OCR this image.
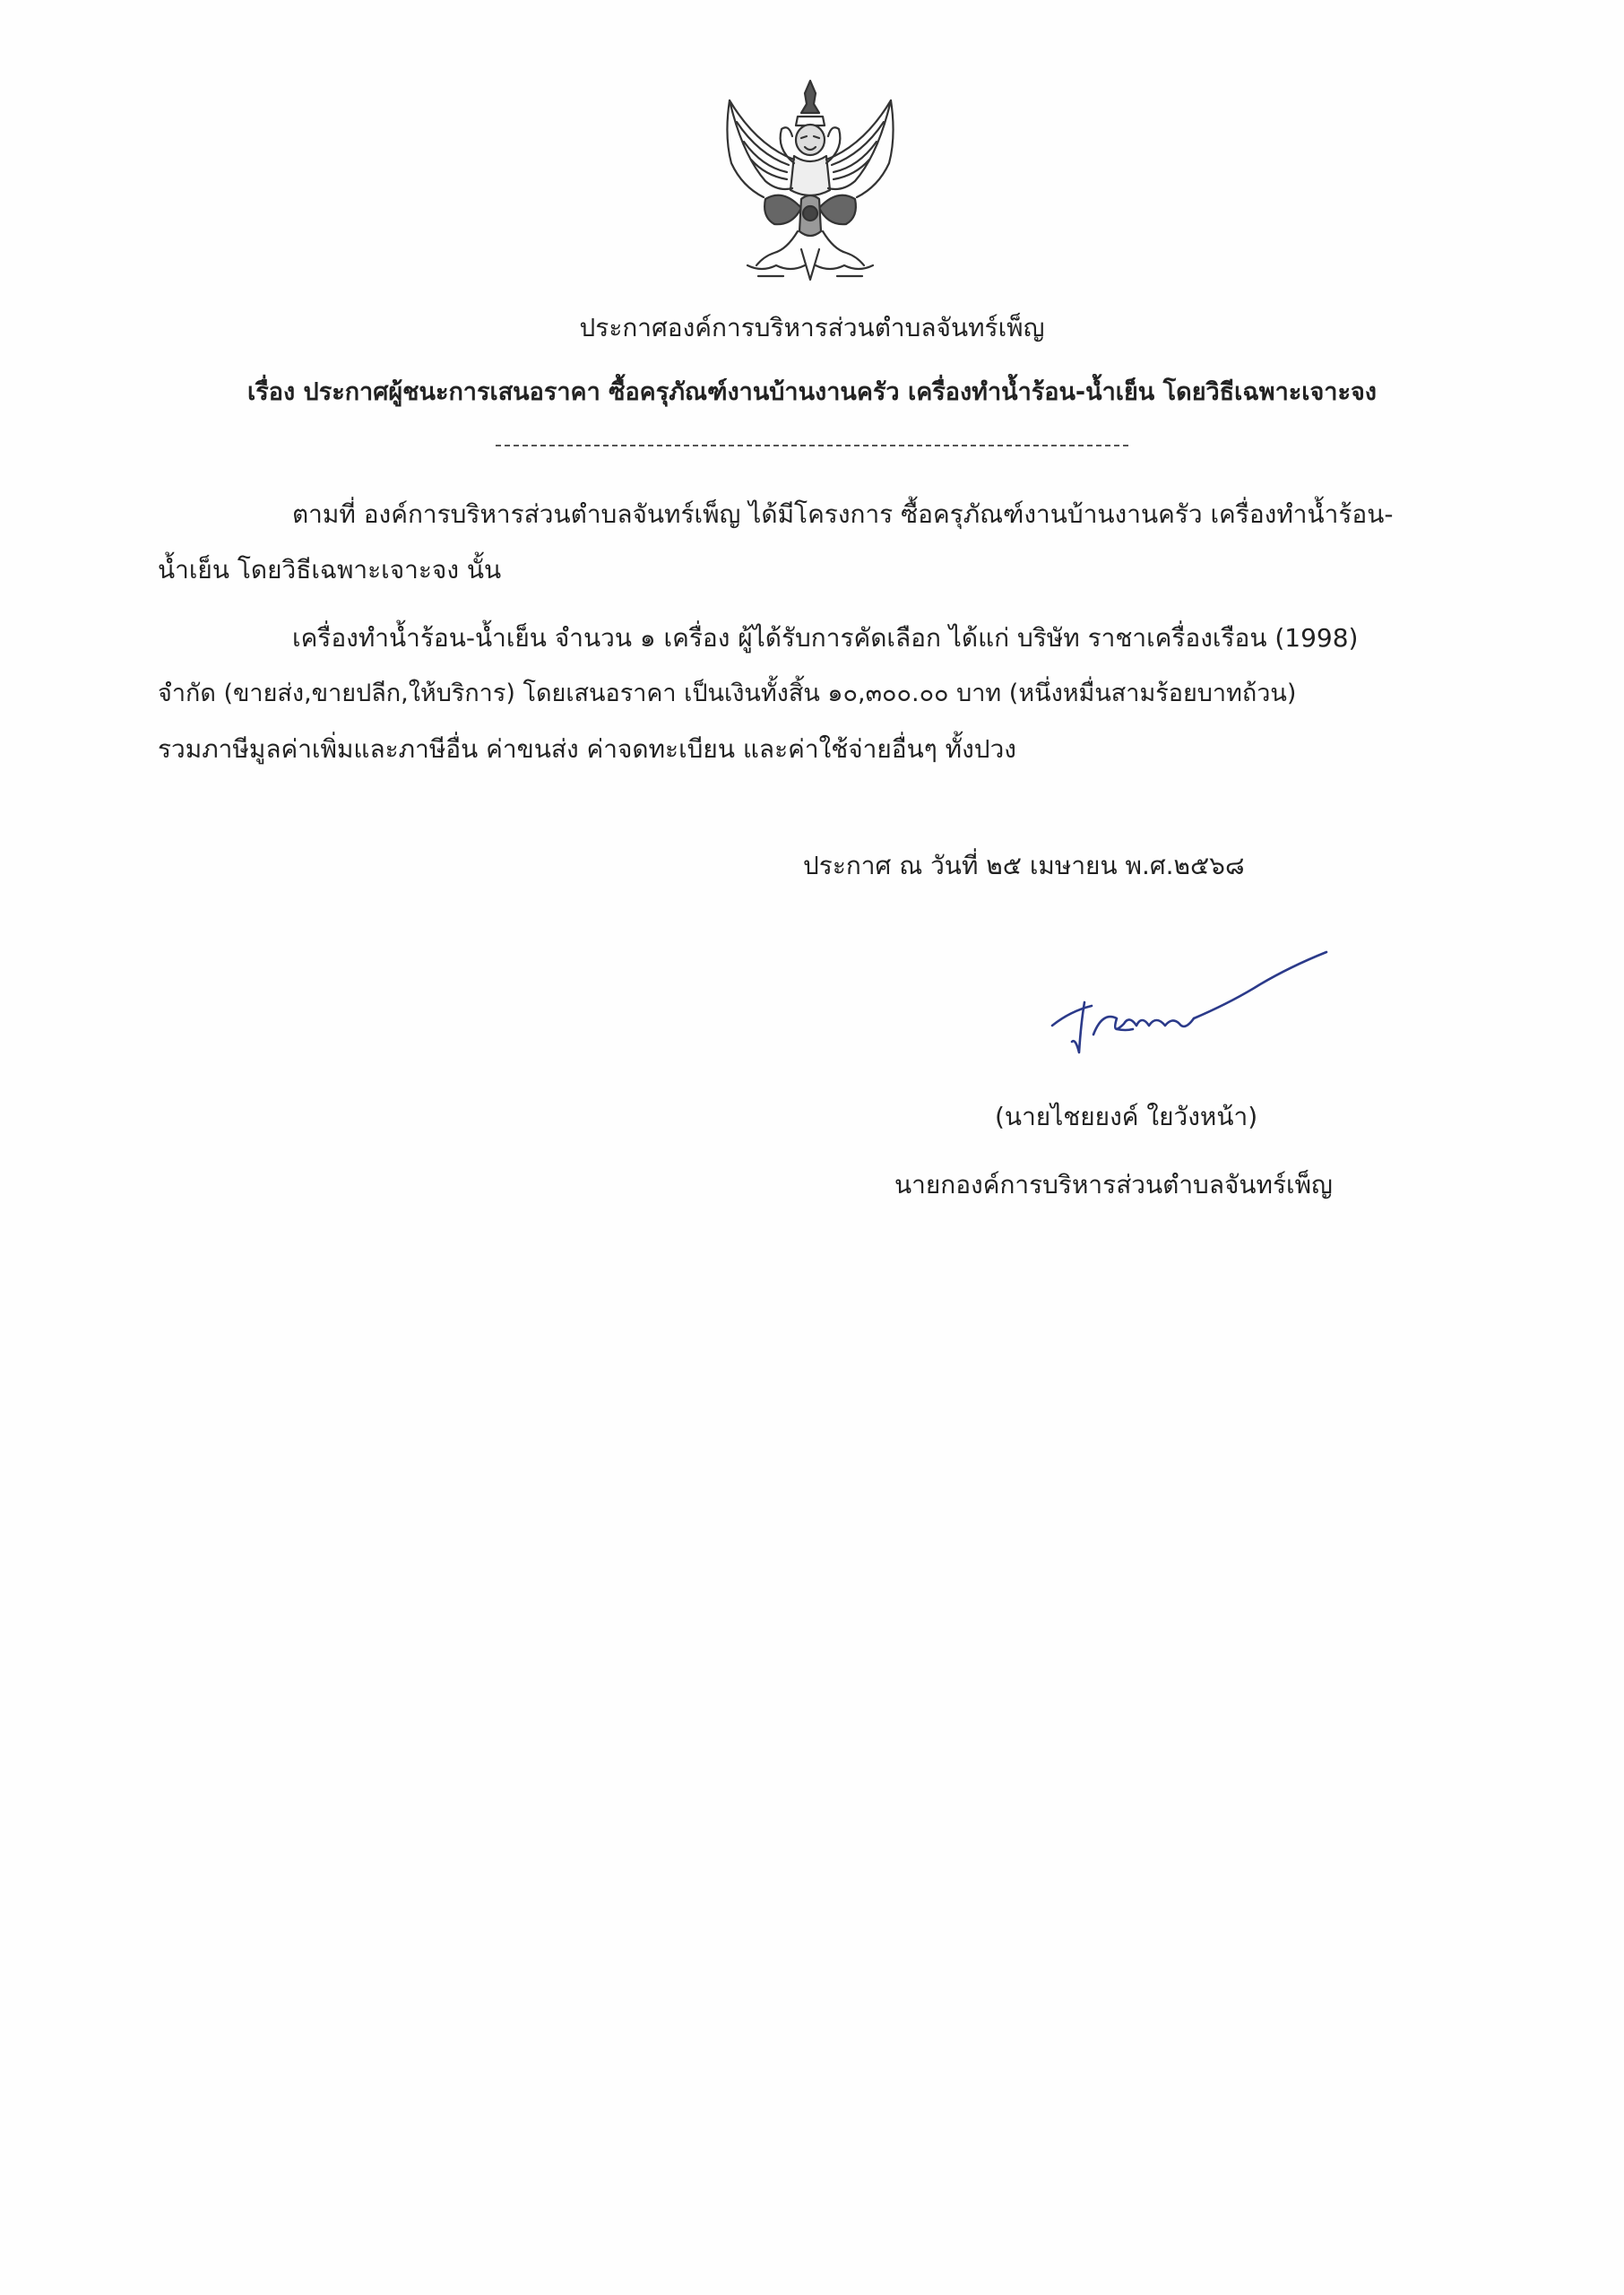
ประกาศองค์การบริหารส่วนตำบลจันทร์เพ็ญ
เรื่อง ประกาศผู้ชนะการเสนอราคา ซื้อครุภัณฑ์งานบ้านงานครัว เครื่องทำน้ำร้อน-น้ำเย็น โดยวิธีเฉพาะเจาะจง
ตามที่ องค์การบริหารส่วนตำบลจันทร์เพ็ญ ได้มีโครงการ ซื้อครุภัณฑ์งานบ้านงานครัว เครื่องทำน้ำร้อน-
น้ำเย็น โดยวิธีเฉพาะเจาะจง นั้น
เครื่องทำน้ำร้อน-น้ำเย็น จำนวน ๑ เครื่อง ผู้ได้รับการคัดเลือก ได้แก่ บริษัท ราชาเครื่องเรือน (1998)
จำกัด (ขายส่ง,ขายปลีก,ให้บริการ) โดยเสนอราคา เป็นเงินทั้งสิ้น ๑๐,๓๐๐.๐๐ บาท (หนึ่งหมื่นสามร้อยบาทถ้วน)
รวมภาษีมูลค่าเพิ่มและภาษีอื่น ค่าขนส่ง ค่าจดทะเบียน และค่าใช้จ่ายอื่นๆ ทั้งปวง
ประกาศ ณ วันที่ ๒๕ เมษายน พ.ศ.๒๕๖๘
(นายไชยยงค์ ใยวังหน้า)
นายกองค์การบริหารส่วนตำบลจันทร์เพ็ญ
